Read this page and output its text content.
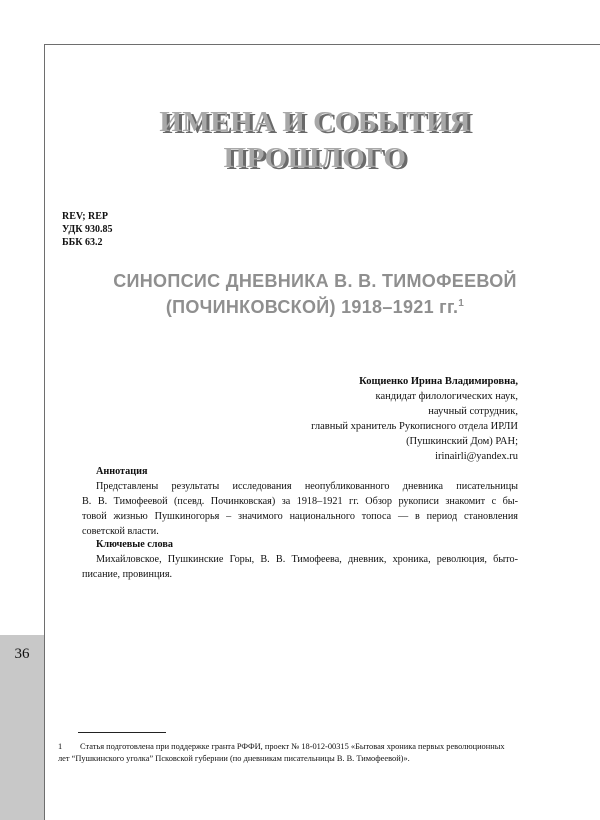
36
ИМЕНА И СОБЫТИЯ
ПРОШЛОГО
REV; REP
УДК 930.85
ББК 63.2
СИНОПСИС ДНЕВНИКА В. В. ТИМОФЕЕВОЙ
(ПОЧИНКОВСКОЙ) 1918–1921 гг.$^1$
Кощиенко Ирина Владимировна,
кандидат филологических наук,
научный сотрудник,
главный хранитель Рукописного отдела ИРЛИ
(Пушкинский Дом) РАН;
irinairli@yandex.ru
Аннотация
Представлены результаты исследования неопубликованного дневника писательницы
В. В. Тимофеевой (псевд. Починковская) за 1918–1921 гг. Обзор рукописи знакомит с бы-
товой жизнью Пушкиногорья – значимого национального топоса — в период становления
советской власти.
Ключевые слова
Михайловское, Пушкинские Горы, В. В. Тимофеева, дневник, хроника, революция, быто-
писание, провинция.
1 Статья подготовлена при поддержке гранта РФФИ, проект № 18-012-00315 «Бытовая хроника первых революционных
лет “Пушкинского уголка” Псковской губернии (по дневникам писательницы В. В. Тимофеевой)».
